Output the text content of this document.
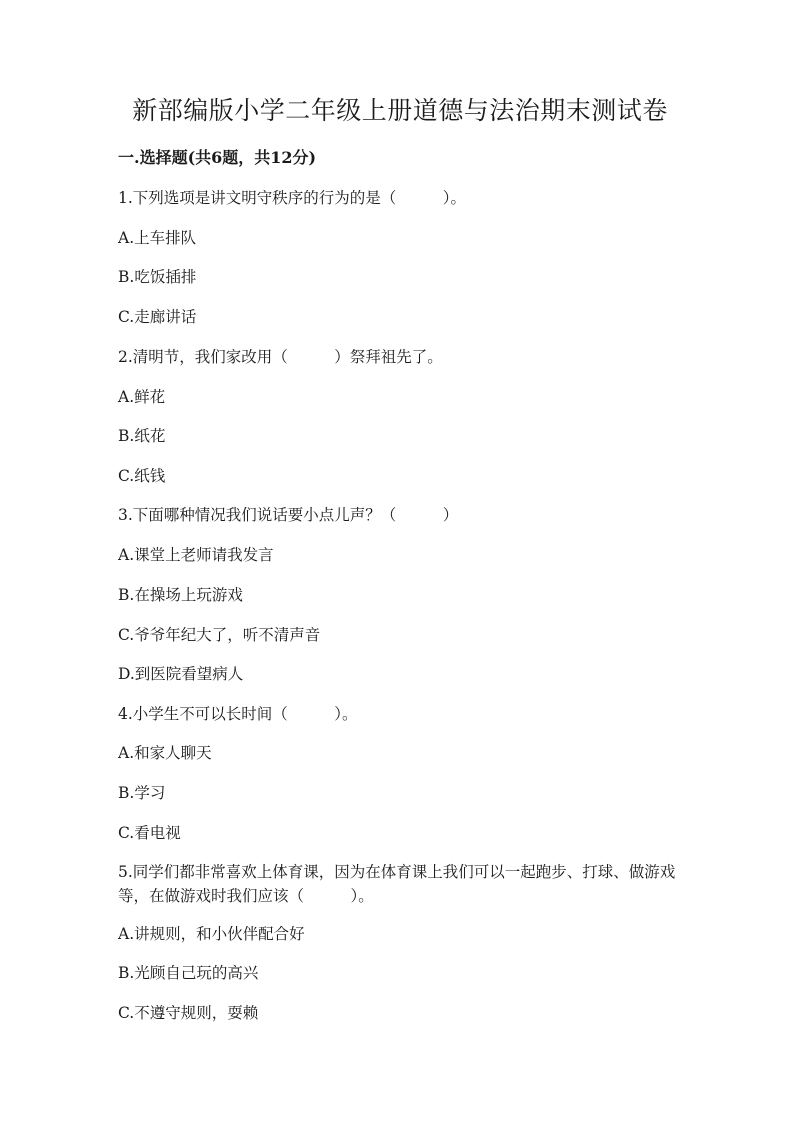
新部编版小学二年级上册道德与法治期末测试卷
一.选择题(共6题，共12分)
1.下列选项是讲文明守秩序的行为的是（　　　）。
A.上车排队
B.吃饭插排
C.走廊讲话
2.清明节，我们家改用（　　　）祭拜祖先了。
A.鲜花
B.纸花
C.纸钱
3.下面哪种情况我们说话要小点儿声？（　　　）
A.课堂上老师请我发言
B.在操场上玩游戏
C.爷爷年纪大了，听不清声音
D.到医院看望病人
4.小学生不可以长时间（　　　）。
A.和家人聊天
B.学习
C.看电视
5.同学们都非常喜欢上体育课，因为在体育课上我们可以一起跑步、打球、做游戏等，在做游戏时我们应该（　　　）。
A.讲规则，和小伙伴配合好
B.光顾自己玩的高兴
C.不遵守规则，耍赖
